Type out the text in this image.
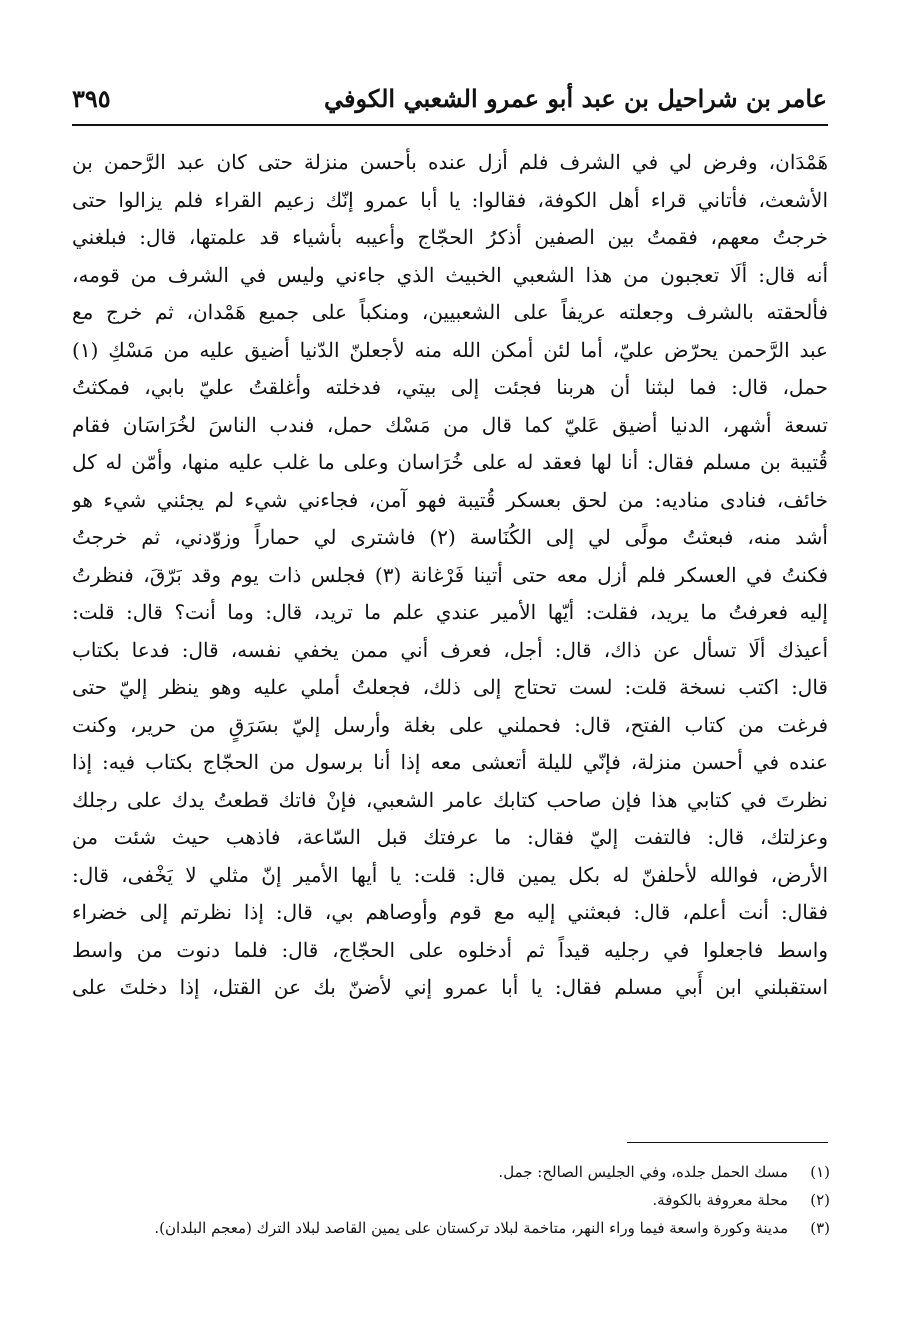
عامر بن شراحيل بن عبد أبو عمرو الشعبي الكوفي
٣٩٥
هَمْدَان، وفرض لي في الشرف فلم أزل عنده بأحسن منزلة حتى كان عبد الرَّحمن بن
الأشعث، فأتاني قراء أهل الكوفة، فقالوا: يا أبا عمرو إنّك زعيم القراء فلم يزالوا حتى
خرجتُ معهم، فقمتُ بين الصفين أذكرُ الحجّاج وأعيبه بأشياء قد علمتها، قال: فبلغني
أنه قال: ألَا تعجبون من هذا الشعبي الخبيث الذي جاءني وليس في الشرف من قومه،
فألحقته بالشرف وجعلته عريفاً على الشعبيين، ومنكباً على جميع هَمْدان، ثم خرج مع
عبد الرَّحمن يحرّض عليّ، أما لئن أمكن الله منه لأجعلنّ الدّنيا أضيق عليه من مَسْكِ (١)
حمل، قال: فما لبثنا أن هربنا فجئت إلى بيتي، فدخلته وأغلقتُ عليّ بابي، فمكثتُ
تسعة أشهر، الدنيا أضيق عَليّ كما قال من مَسْك حمل، فندب الناسَ لخُرَاسَان فقام
قُتيبة بن مسلم فقال: أنا لها فعقد له على خُرَاسان وعلى ما غلب عليه منها، وأمّن له كل
خائف، فنادى مناديه: من لحق بعسكر قُتيبة فهو آمن، فجاءني شيء لم يجئني شيء هو
أشد منه، فبعثتُ مولًى لي إلى الكُنَاسة (٢) فاشترى لي حماراً وزوّدني، ثم خرجتُ
فكنتُ في العسكر فلم أزل معه حتى أتينا فَرْغانة (٣) فجلس ذات يوم وقد بَرّقَ، فنظرتُ
إليه فعرفتُ ما يريد، فقلت: أيّها الأمير عندي علم ما تريد، قال: وما أنت؟ قال: قلت:
أعيذك ألَا تسأل عن ذاك، قال: أجل، فعرف أني ممن يخفي نفسه، قال: فدعا بكتاب
قال: اكتب نسخة قلت: لست تحتاج إلى ذلك، فجعلتُ أملي عليه وهو ينظر إليّ حتى
فرغت من كتاب الفتح، قال: فحملني على بغلة وأرسل إليّ بسَرَقٍ من حرير، وكنت
عنده في أحسن منزلة، فإنّي لليلة أتعشى معه إذا أنا برسول من الحجّاج بكتاب فيه: إذا
نظرتَ في كتابي هذا فإن صاحب كتابك عامر الشعبي، فإنْ فاتك قطعتُ يدك على رجلك
وعزلتك، قال: فالتفت إليّ فقال: ما عرفتك قبل السّاعة، فاذهب حيث شئت من
الأرض، فوالله لأحلفنّ له بكل يمين قال: قلت: يا أيها الأمير إنّ مثلي لا يَخْفى، قال:
فقال: أنت أعلم، قال: فبعثني إليه مع قوم وأوصاهم بي، قال: إذا نظرتم إلى خضراء
واسط فاجعلوا في رجليه قيداً ثم أدخلوه على الحجّاج، قال: فلما دنوت من واسط
استقبلني ابن أَبي مسلم فقال: يا أبا عمرو إني لأضنّ بك عن القتل، إذا دخلتَ على
(١)
مسك الحمل جلده، وفي الجليس الصالح: جمل.
(٢)
محلة معروفة بالكوفة.
(٣)
مدينة وكورة واسعة فيما وراء النهر، متاخمة لبلاد تركستان على يمين القاصد لبلاد الترك (معجم البلدان).
